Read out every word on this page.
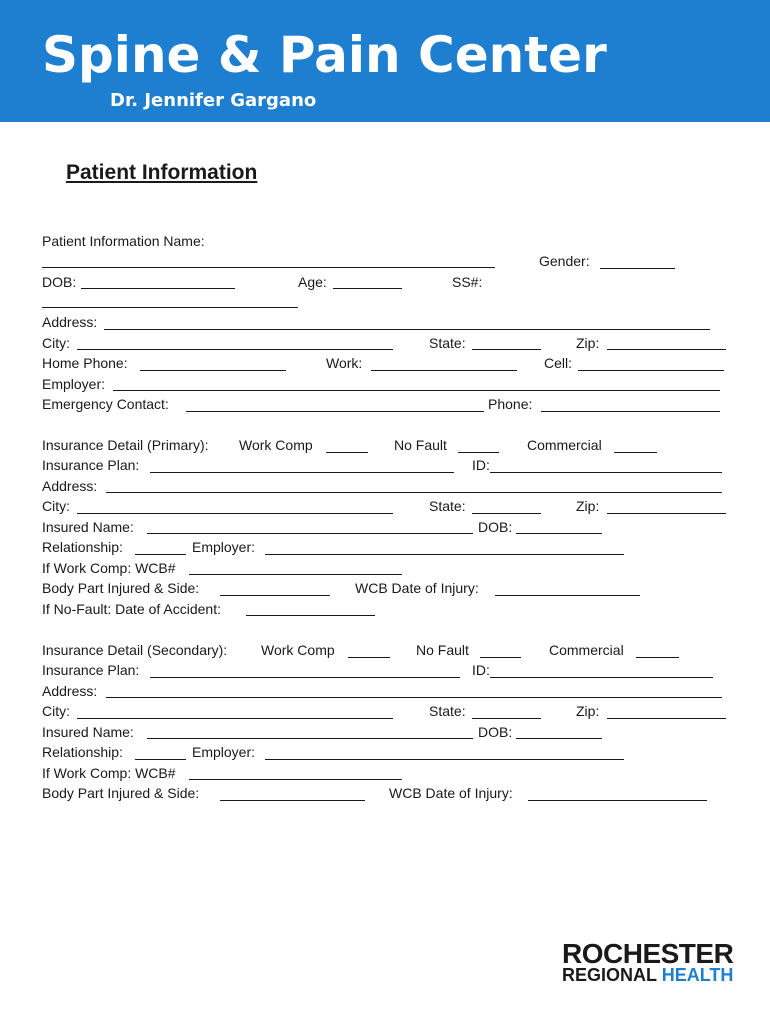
Spine & Pain Center
Dr. Jennifer Gargano
Patient Information
Patient Information Name:
Gender:
DOB:	Age:	SS#:
Address:
City:	State:	Zip:
Home Phone:	Work:	Cell:
Employer:
Emergency Contact:	Phone:
Insurance Detail (Primary): Work Comp	No Fault	Commercial
Insurance Plan:	ID:
Address:
City:	State:	Zip:
Insured Name:	DOB:
Relationship:	Employer:
If Work Comp: WCB#
Body Part Injured & Side:	WCB Date of Injury:
If No-Fault: Date of Accident:
Insurance Detail (Secondary): Work Comp	No Fault	Commercial
Insurance Plan:	ID:
Address:
City:	State:	Zip:
Insured Name:	DOB:
Relationship:	Employer:
If Work Comp: WCB#
Body Part Injured & Side:	WCB Date of Injury:
ROCHESTER
REGIONAL HEALTH
